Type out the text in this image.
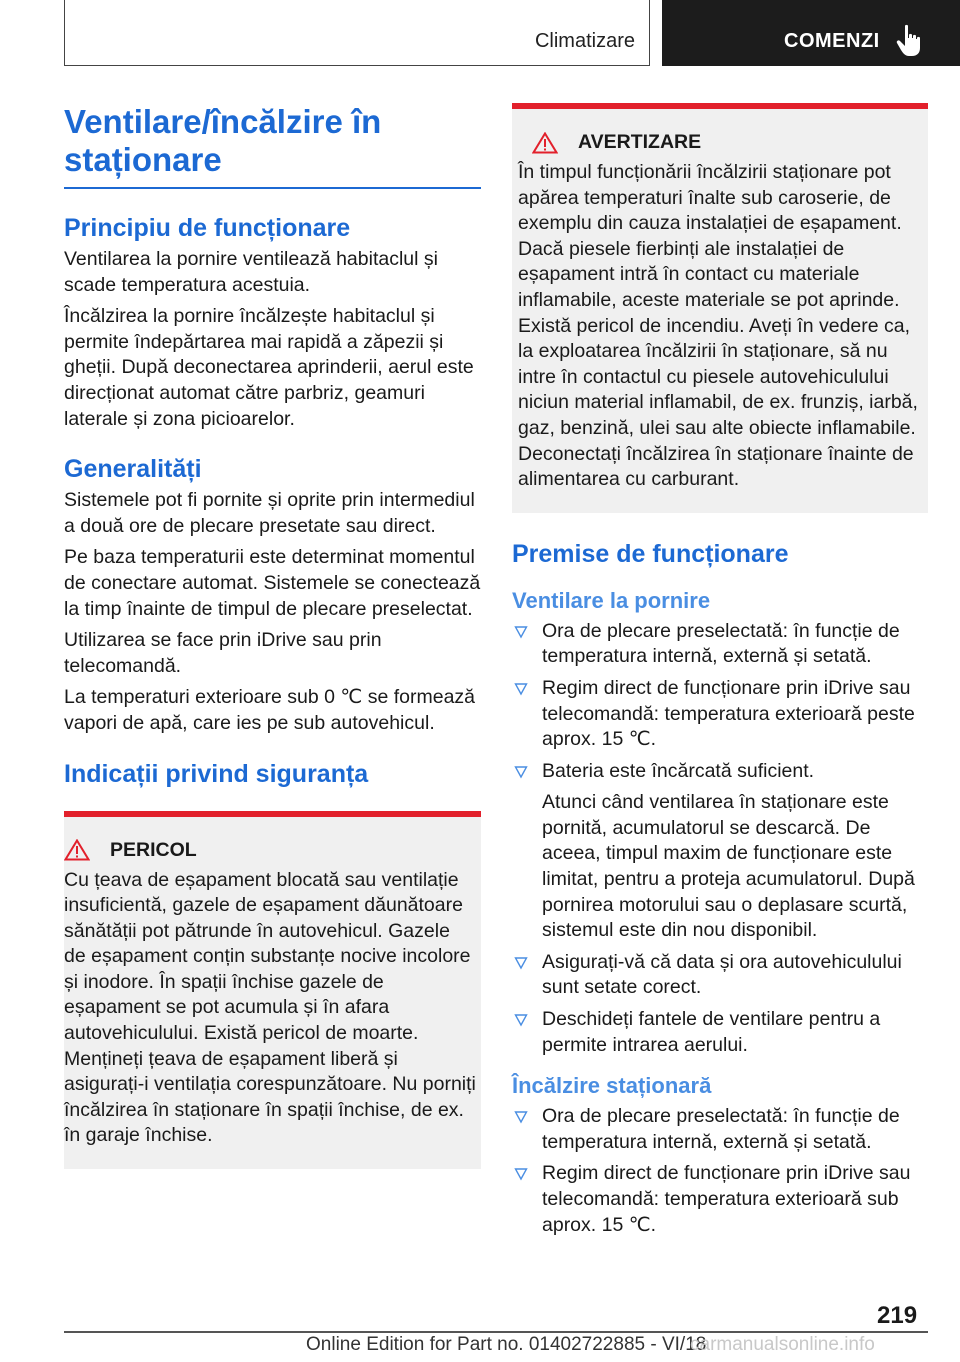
Climatizare	COMENZI
Ventilare/încălzire în
staționare
Principiu de funcționare

Ventilarea la pornire ventilează habitaclul și scade temperatura acestuia.

Încălzirea la pornire încălzește habitaclul și permite îndepărtarea mai rapidă a zăpezii și gheții. După deconectarea aprinderii, aerul este direcționat automat către parbriz, geamuri laterale și zona picioarelor.

Generalități

Sistemele pot fi pornite și oprite prin intermediul a două ore de plecare presetate sau direct.

Pe baza temperaturii este determinat momentul de conectare automat. Sistemele se conectează la timp înainte de timpul de plecare preselectat.

Utilizarea se face prin iDrive sau prin telecomandă.

La temperaturi exterioare sub 0 ℃ se formează vapori de apă, care ies pe sub autovehicul.

Indicații privind siguranța
PERICOL

Cu țeava de eșapament blocată sau ventilație insuficientă, gazele de eșapament dăunătoare sănătății pot pătrunde în autovehicul. Gazele de eșapament conțin substanțe nocive incolore și inodore. În spații închise gazele de eșapament se pot acumula și în afara autovehiculului. Există pericol de moarte. Mențineți țeava de eșapament liberă și asigurați-i ventilația corespunzătoare. Nu porniți încălzirea în staționare în spații închise, de ex. în garaje închise.

AVERTIZARE

În timpul funcționării încălzirii staționare pot apărea temperaturi înalte sub caroserie, de exemplu din cauza instalației de eșapament. Dacă piesele fierbinți ale instalației de eșapament intră în contact cu materiale inflamabile, aceste materiale se pot aprinde. Există pericol de incendiu. Aveți în vedere ca, la exploatarea încălzirii în staționare, să nu intre în contactul cu piesele autovehiculului niciun material inflamabil, de ex. frunziș, iarbă, gaz, benzină, ulei sau alte obiecte inflamabile. Deconectați încălzirea în staționare înainte de alimentarea cu carburant.

Premise de funcționare
Ventilare la pornire
Ora de plecare preselectată: în funcție de temperatura internă, externă și setată.
Regim direct de funcționare prin iDrive sau telecomandă: temperatura exterioară peste aprox. 15 ℃.

Bateria este încărcată suficient.

Atunci când ventilarea în staționare este pornită, acumulatorul se descarcă. De aceea, timpul maxim de funcționare este limitat, pentru a proteja acumulatorul. După pornirea motorului sau o deplasare scurtă, sistemul este din nou disponibil.

Asigurați-vă că data și ora autovehiculului sunt setate corect.
Deschideți fantele de ventilare pentru a permite intrarea aerului.
Încălzire staționară
Ora de plecare preselectată: în funcție de temperatura internă, externă și setată.
Regim direct de funcționare prin iDrive sau telecomandă: temperatura exterioară sub aprox. 15 ℃.
219
Online Edition for Part no. 01402722885 - VI/18
carmanualsonline.info
